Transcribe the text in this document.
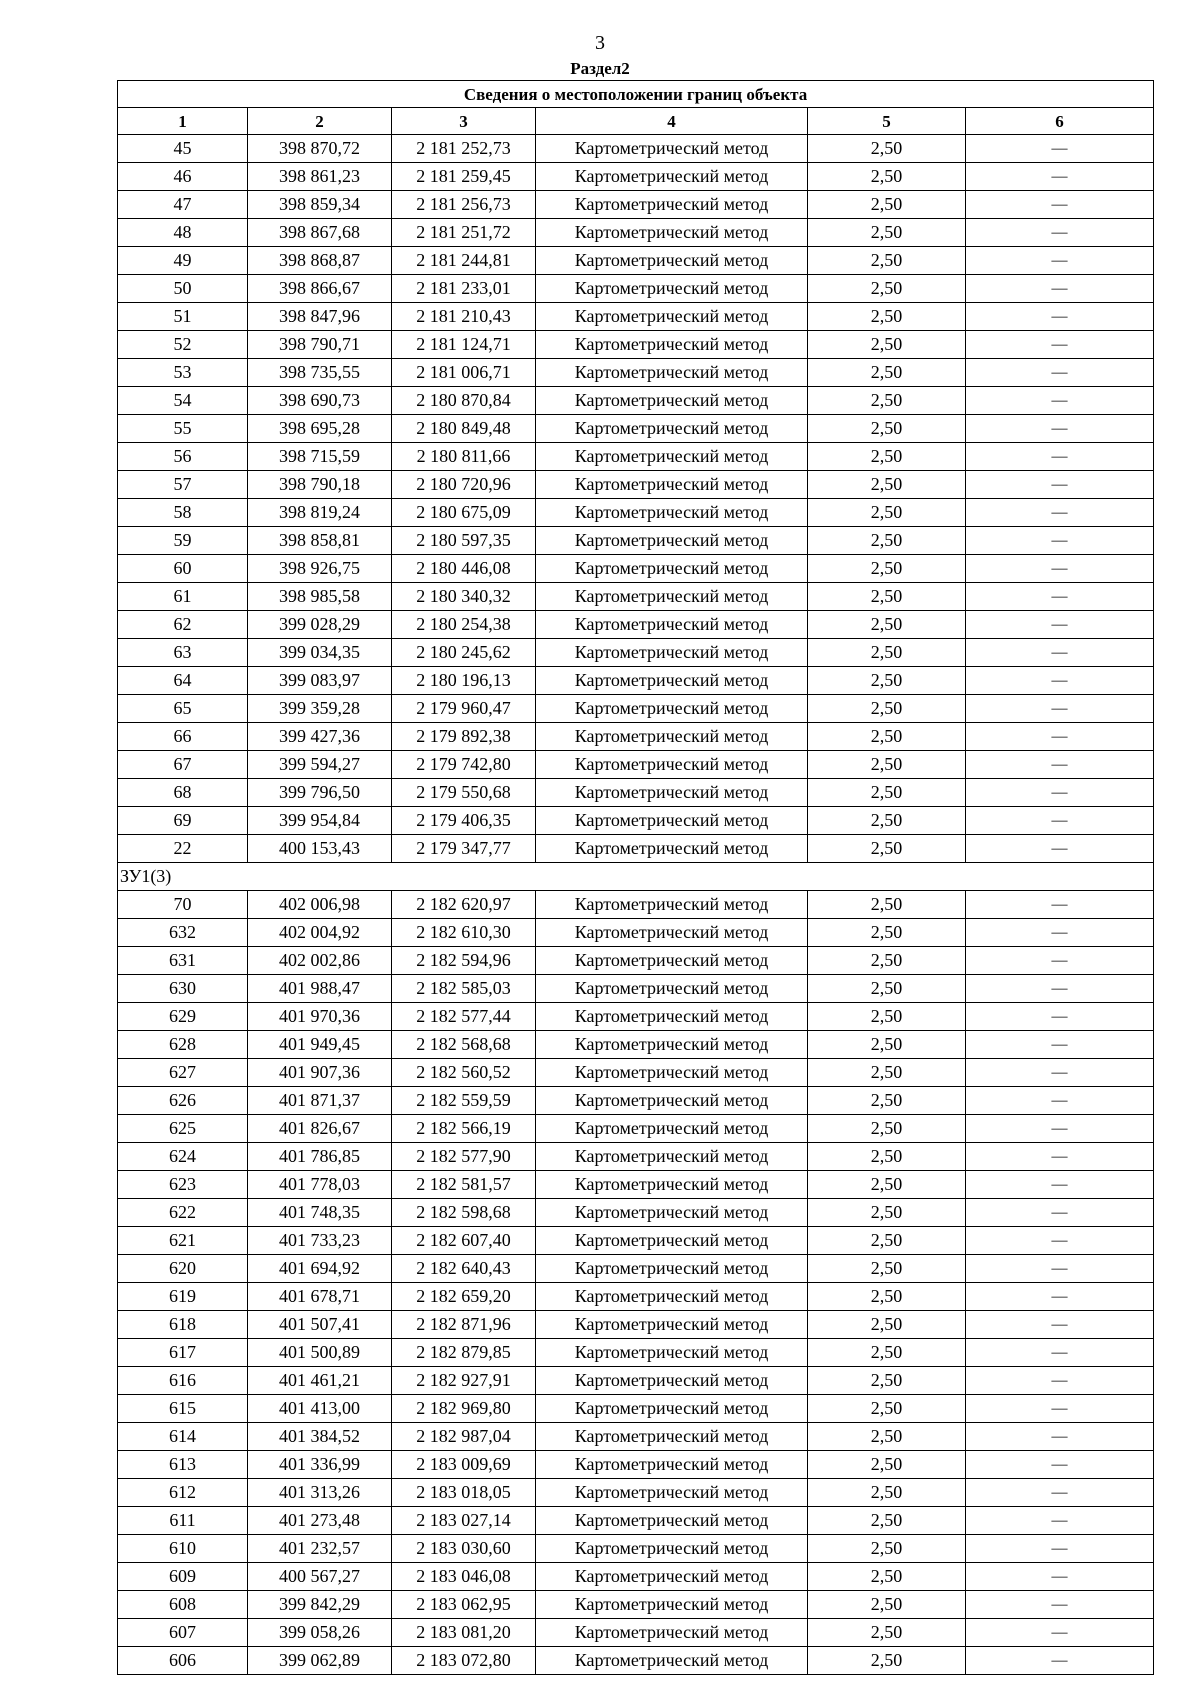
3
Раздел2
Сведения о местоположении границ объекта					
1	2	3	4	5	6
45	398 870,72	2 181 252,73	Картометрический метод	2,50	—
46	398 861,23	2 181 259,45	Картометрический метод	2,50	—
47	398 859,34	2 181 256,73	Картометрический метод	2,50	—
48	398 867,68	2 181 251,72	Картометрический метод	2,50	—
49	398 868,87	2 181 244,81	Картометрический метод	2,50	—
50	398 866,67	2 181 233,01	Картометрический метод	2,50	—
51	398 847,96	2 181 210,43	Картометрический метод	2,50	—
52	398 790,71	2 181 124,71	Картометрический метод	2,50	—
53	398 735,55	2 181 006,71	Картометрический метод	2,50	—
54	398 690,73	2 180 870,84	Картометрический метод	2,50	—
55	398 695,28	2 180 849,48	Картометрический метод	2,50	—
56	398 715,59	2 180 811,66	Картометрический метод	2,50	—
57	398 790,18	2 180 720,96	Картометрический метод	2,50	—
58	398 819,24	2 180 675,09	Картометрический метод	2,50	—
59	398 858,81	2 180 597,35	Картометрический метод	2,50	—
60	398 926,75	2 180 446,08	Картометрический метод	2,50	—
61	398 985,58	2 180 340,32	Картометрический метод	2,50	—
62	399 028,29	2 180 254,38	Картометрический метод	2,50	—
63	399 034,35	2 180 245,62	Картометрический метод	2,50	—
64	399 083,97	2 180 196,13	Картометрический метод	2,50	—
65	399 359,28	2 179 960,47	Картометрический метод	2,50	—
66	399 427,36	2 179 892,38	Картометрический метод	2,50	—
67	399 594,27	2 179 742,80	Картометрический метод	2,50	—
68	399 796,50	2 179 550,68	Картометрический метод	2,50	—
69	399 954,84	2 179 406,35	Картометрический метод	2,50	—
22	400 153,43	2 179 347,77	Картометрический метод	2,50	—
ЗУ1(3)					
70	402 006,98	2 182 620,97	Картометрический метод	2,50	—
632	402 004,92	2 182 610,30	Картометрический метод	2,50	—
631	402 002,86	2 182 594,96	Картометрический метод	2,50	—
630	401 988,47	2 182 585,03	Картометрический метод	2,50	—
629	401 970,36	2 182 577,44	Картометрический метод	2,50	—
628	401 949,45	2 182 568,68	Картометрический метод	2,50	—
627	401 907,36	2 182 560,52	Картометрический метод	2,50	—
626	401 871,37	2 182 559,59	Картометрический метод	2,50	—
625	401 826,67	2 182 566,19	Картометрический метод	2,50	—
624	401 786,85	2 182 577,90	Картометрический метод	2,50	—
623	401 778,03	2 182 581,57	Картометрический метод	2,50	—
622	401 748,35	2 182 598,68	Картометрический метод	2,50	—
621	401 733,23	2 182 607,40	Картометрический метод	2,50	—
620	401 694,92	2 182 640,43	Картометрический метод	2,50	—
619	401 678,71	2 182 659,20	Картометрический метод	2,50	—
618	401 507,41	2 182 871,96	Картометрический метод	2,50	—
617	401 500,89	2 182 879,85	Картометрический метод	2,50	—
616	401 461,21	2 182 927,91	Картометрический метод	2,50	—
615	401 413,00	2 182 969,80	Картометрический метод	2,50	—
614	401 384,52	2 182 987,04	Картометрический метод	2,50	—
613	401 336,99	2 183 009,69	Картометрический метод	2,50	—
612	401 313,26	2 183 018,05	Картометрический метод	2,50	—
611	401 273,48	2 183 027,14	Картометрический метод	2,50	—
610	401 232,57	2 183 030,60	Картометрический метод	2,50	—
609	400 567,27	2 183 046,08	Картометрический метод	2,50	—
608	399 842,29	2 183 062,95	Картометрический метод	2,50	—
607	399 058,26	2 183 081,20	Картометрический метод	2,50	—
606	399 062,89	2 183 072,80	Картометрический метод	2,50	—
